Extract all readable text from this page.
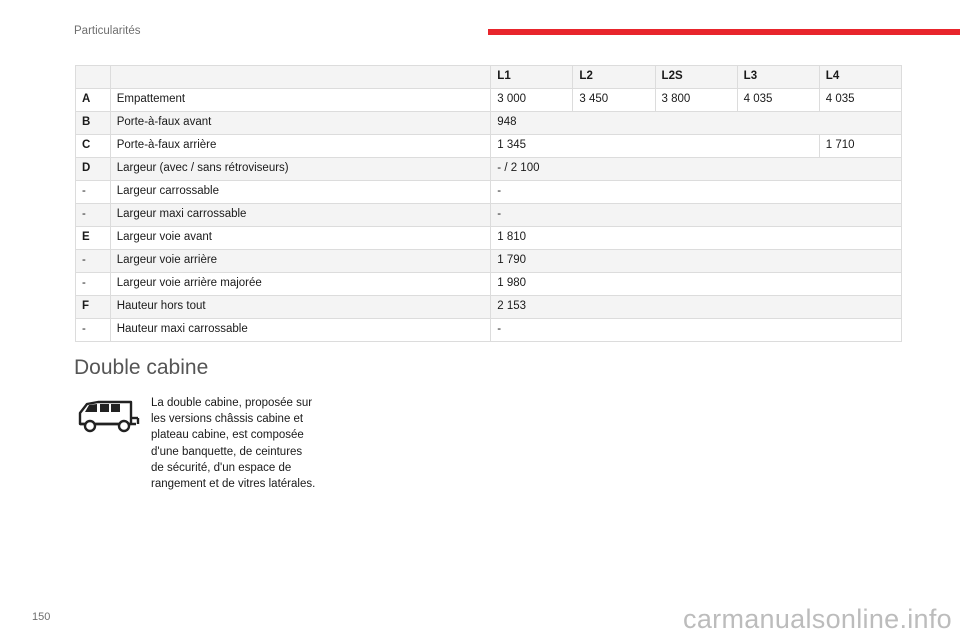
Particularités
		L1	L2	L2S	L3	L4
A	Empattement	3 000	3 450	3 800	4 035	4 035
B	Porte-à-faux avant	948				
C	Porte-à-faux arrière	1 345				1 710
D	Largeur (avec / sans rétroviseurs)	- / 2 100				
-	Largeur carrossable	-				
-	Largeur maxi carrossable	-				
E	Largeur voie avant	1 810				
-	Largeur voie arrière	1 790				
-	Largeur voie arrière majorée	1 980				
F	Hauteur hors tout	2 153				
-	Hauteur maxi carrossable	-				
Double cabine
La double cabine, proposée sur
les versions châssis cabine et
plateau cabine, est composée
d'une banquette, de ceintures
de sécurité, d'un espace de
rangement et de vitres latérales.
150	carmanualsonline.info
